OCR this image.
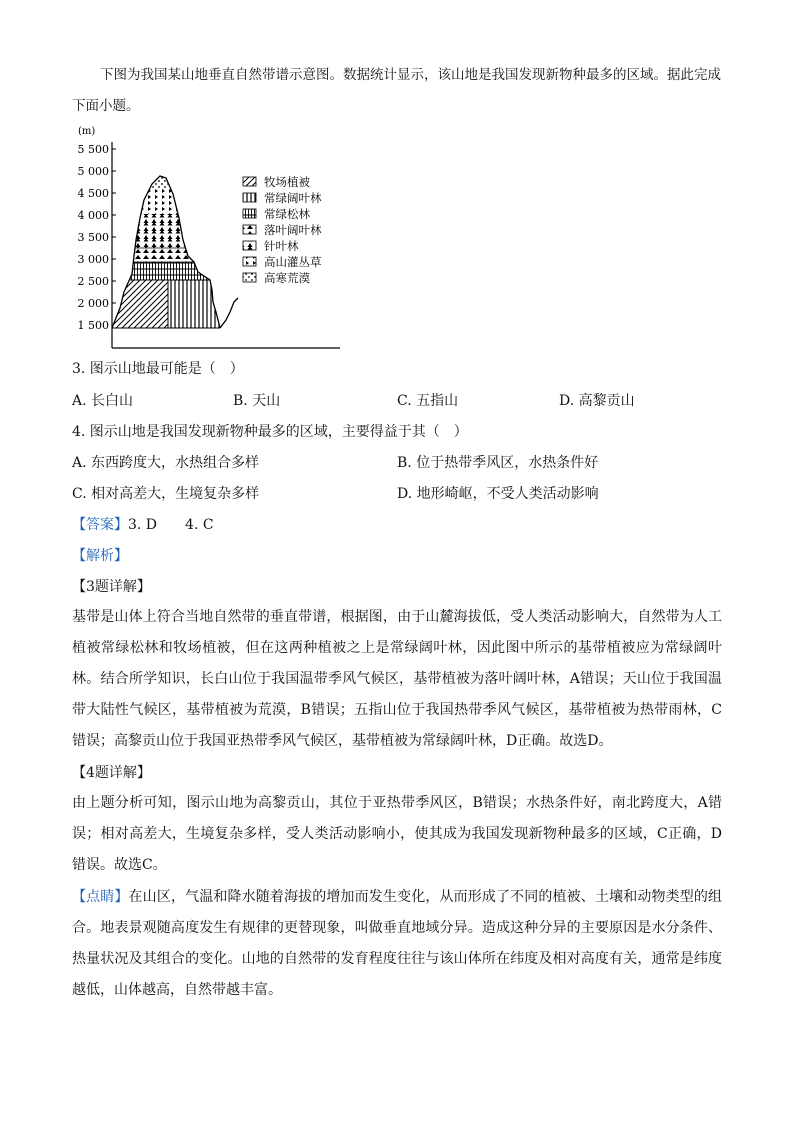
下图为我国某山地垂直自然带谱示意图。数据统计显示，该山地是我国发现新物种最多的区域。据此完成下面小题。

(m)
5 500
5 000
4 500
4 000
3 500
3 000
2 500
2 000
1 500
牧场植被
常绿阔叶林
常绿松林
落叶阔叶林
针叶林
高山灌丛草
高寒荒漠

3. 图示山地最可能是（　）

A. 长白山	B. 天山	C. 五指山	D. 高黎贡山

4. 图示山地是我国发现新物种最多的区域，主要得益于其（　）

A. 东西跨度大，水热组合多样	B. 位于热带季风区，水热条件好

C. 相对高差大，生境复杂多样	D. 地形崎岖，不受人类活动影响

【答案】3. D　　4. C

【解析】

【3题详解】

基带是山体上符合当地自然带的垂直带谱，根据图，由于山麓海拔低，受人类活动影响大，自然带为人工植被常绿松林和牧场植被，但在这两种植被之上是常绿阔叶林，因此图中所示的基带植被应为常绿阔叶林。结合所学知识，长白山位于我国温带季风气候区，基带植被为落叶阔叶林，A错误；天山位于我国温带大陆性气候区，基带植被为荒漠，B错误；五指山位于我国热带季风气候区，基带植被为热带雨林，C错误；高黎贡山位于我国亚热带季风气候区，基带植被为常绿阔叶林，D正确。故选D。

【4题详解】

由上题分析可知，图示山地为高黎贡山，其位于亚热带季风区，B错误；水热条件好，南北跨度大，A错误；相对高差大，生境复杂多样，受人类活动影响小，使其成为我国发现新物种最多的区域，C正确，D错误。故选C。

【点睛】在山区，气温和降水随着海拔的增加而发生变化，从而形成了不同的植被、土壤和动物类型的组合。地表景观随高度发生有规律的更替现象，叫做垂直地域分异。造成这种分异的主要原因是水分条件、热量状况及其组合的变化。山地的自然带的发育程度往往与该山体所在纬度及相对高度有关，通常是纬度越低，山体越高，自然带越丰富。
